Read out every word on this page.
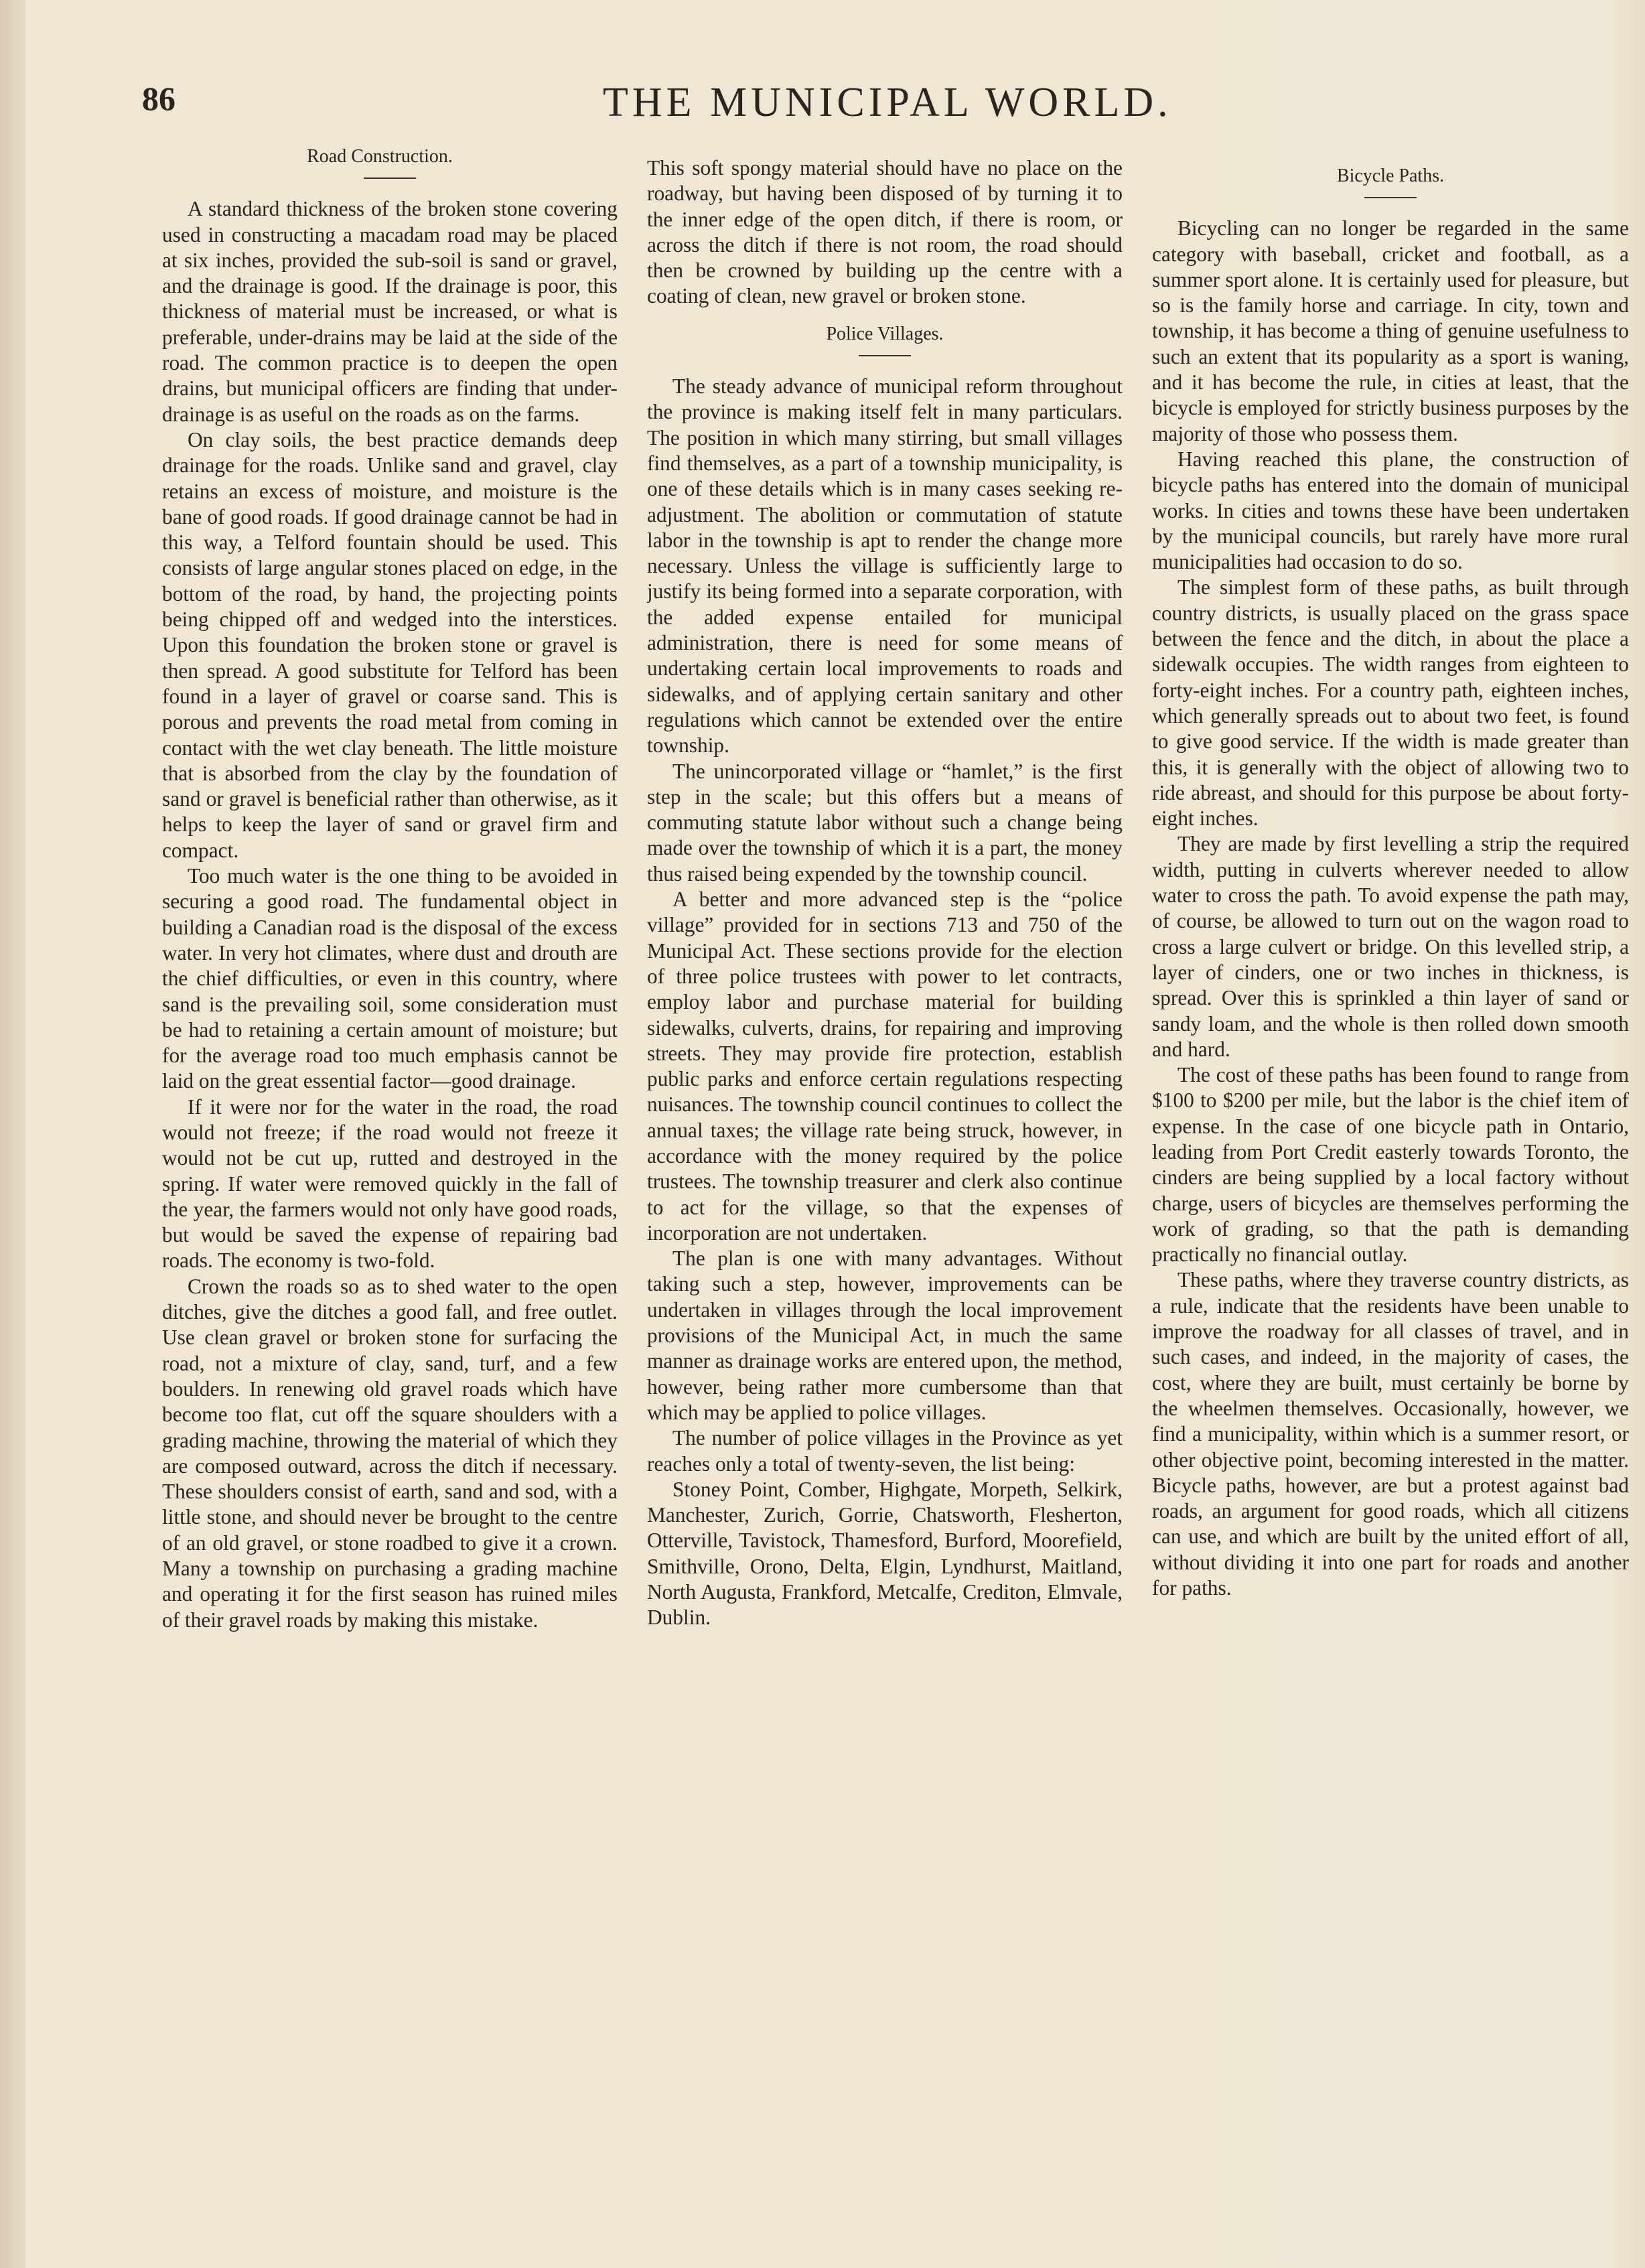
86	THE MUNICIPAL WORLD.
Road Construction.

A standard thickness of the broken stone covering used in constructing a macadam road may be placed at six inches, provided the sub-soil is sand or gravel, and the drainage is good. If the drainage is poor, this thickness of material must be increased, or what is preferable, under-drains may be laid at the side of the road. The common practice is to deepen the open drains, but municipal officers are finding that under-drainage is as useful on the roads as on the farms.

On clay soils, the best practice demands deep drainage for the roads. Unlike sand and gravel, clay retains an excess of moisture, and moisture is the bane of good roads. If good drainage cannot be had in this way, a Telford fountain should be used. This consists of large angular stones placed on edge, in the bottom of the road, by hand, the projecting points being chipped off and wedged into the interstices. Upon this foundation the broken stone or gravel is then spread. A good substitute for Telford has been found in a layer of gravel or coarse sand. This is porous and prevents the road metal from coming in contact with the wet clay beneath. The little moisture that is absorbed from the clay by the foundation of sand or gravel is beneficial rather than otherwise, as it helps to keep the layer of sand or gravel firm and compact.

Too much water is the one thing to be avoided in securing a good road. The fundamental object in building a Canadian road is the disposal of the excess water. In very hot climates, where dust and drouth are the chief difficulties, or even in this country, where sand is the prevailing soil, some consideration must be had to retaining a certain amount of moisture; but for the average road too much emphasis cannot be laid on the great essential factor—good drainage.

If it were nor for the water in the road, the road would not freeze; if the road would not freeze it would not be cut up, rutted and destroyed in the spring. If water were removed quickly in the fall of the year, the farmers would not only have good roads, but would be saved the expense of repairing bad roads. The economy is two-fold.

Crown the roads so as to shed water to the open ditches, give the ditches a good fall, and free outlet. Use clean gravel or broken stone for surfacing the road, not a mixture of clay, sand, turf, and a few boulders. In renewing old gravel roads which have become too flat, cut off the square shoulders with a grading machine, throwing the material of which they are composed outward, across the ditch if necessary. These shoulders consist of earth, sand and sod, with a little stone, and should never be brought to the centre of an old gravel, or stone roadbed to give it a crown. Many a township on purchasing a grading machine and operating it for the first season has ruined miles of their gravel roads by making this mistake.

This soft spongy material should have no place on the roadway, but having been disposed of by turning it to the inner edge of the open ditch, if there is room, or across the ditch if there is not room, the road should then be crowned by building up the centre with a coating of clean, new gravel or broken stone.

Police Villages.

The steady advance of municipal reform throughout the province is making itself felt in many particulars. The position in which many stirring, but small villages find themselves, as a part of a township municipality, is one of these details which is in many cases seeking re-adjustment. The abolition or commutation of statute labor in the township is apt to render the change more necessary. Unless the village is sufficiently large to justify its being formed into a separate corporation, with the added expense entailed for municipal administration, there is need for some means of undertaking certain local improvements to roads and sidewalks, and of applying certain sanitary and other regulations which cannot be extended over the entire township.

The unincorporated village or “hamlet,” is the first step in the scale; but this offers but a means of commuting statute labor without such a change being made over the township of which it is a part, the money thus raised being expended by the township council.

A better and more advanced step is the “police village” provided for in sections 713 and 750 of the Municipal Act. These sections provide for the election of three police trustees with power to let contracts, employ labor and purchase material for building sidewalks, culverts, drains, for repairing and improving streets. They may provide fire protection, establish public parks and enforce certain regulations respecting nuisances. The township council continues to collect the annual taxes; the village rate being struck, however, in accordance with the money required by the police trustees. The township treasurer and clerk also continue to act for the village, so that the expenses of incorporation are not undertaken.

The plan is one with many advantages. Without taking such a step, however, improvements can be undertaken in villages through the local improvement provisions of the Municipal Act, in much the same manner as drainage works are entered upon, the method, however, being rather more cumbersome than that which may be applied to police villages.

The number of police villages in the Province as yet reaches only a total of twenty-seven, the list being:

Stoney Point, Comber, Highgate, Morpeth, Selkirk, Manchester, Zurich, Gorrie, Chatsworth, Flesherton, Otterville, Tavistock, Thamesford, Burford, Moorefield, Smithville, Orono, Delta, Elgin, Lyndhurst, Maitland, North Augusta, Frankford, Metcalfe, Crediton, Elmvale, Dublin.

Bicycle Paths.

Bicycling can no longer be regarded in the same category with baseball, cricket and football, as a summer sport alone. It is certainly used for pleasure, but so is the family horse and carriage. In city, town and township, it has become a thing of genuine usefulness to such an extent that its popularity as a sport is waning, and it has become the rule, in cities at least, that the bicycle is employed for strictly business purposes by the majority of those who possess them.

Having reached this plane, the construction of bicycle paths has entered into the domain of municipal works. In cities and towns these have been undertaken by the municipal councils, but rarely have more rural municipalities had occasion to do so.

The simplest form of these paths, as built through country districts, is usually placed on the grass space between the fence and the ditch, in about the place a sidewalk occupies. The width ranges from eighteen to forty-eight inches. For a country path, eighteen inches, which generally spreads out to about two feet, is found to give good service. If the width is made greater than this, it is generally with the object of allowing two to ride abreast, and should for this purpose be about forty-eight inches.

They are made by first levelling a strip the required width, putting in culverts wherever needed to allow water to cross the path. To avoid expense the path may, of course, be allowed to turn out on the wagon road to cross a large culvert or bridge. On this levelled strip, a layer of cinders, one or two inches in thickness, is spread. Over this is sprinkled a thin layer of sand or sandy loam, and the whole is then rolled down smooth and hard.

The cost of these paths has been found to range from $100 to $200 per mile, but the labor is the chief item of expense. In the case of one bicycle path in Ontario, leading from Port Credit easterly towards Toronto, the cinders are being supplied by a local factory without charge, users of bicycles are themselves performing the work of grading, so that the path is demanding practically no financial outlay.

These paths, where they traverse country districts, as a rule, indicate that the residents have been unable to improve the roadway for all classes of travel, and in such cases, and indeed, in the majority of cases, the cost, where they are built, must certainly be borne by the wheelmen themselves. Occasionally, however, we find a municipality, within which is a summer resort, or other objective point, becoming interested in the matter. Bicycle paths, however, are but a protest against bad roads, an argument for good roads, which all citizens can use, and which are built by the united effort of all, without dividing it into one part for roads and another for paths.
